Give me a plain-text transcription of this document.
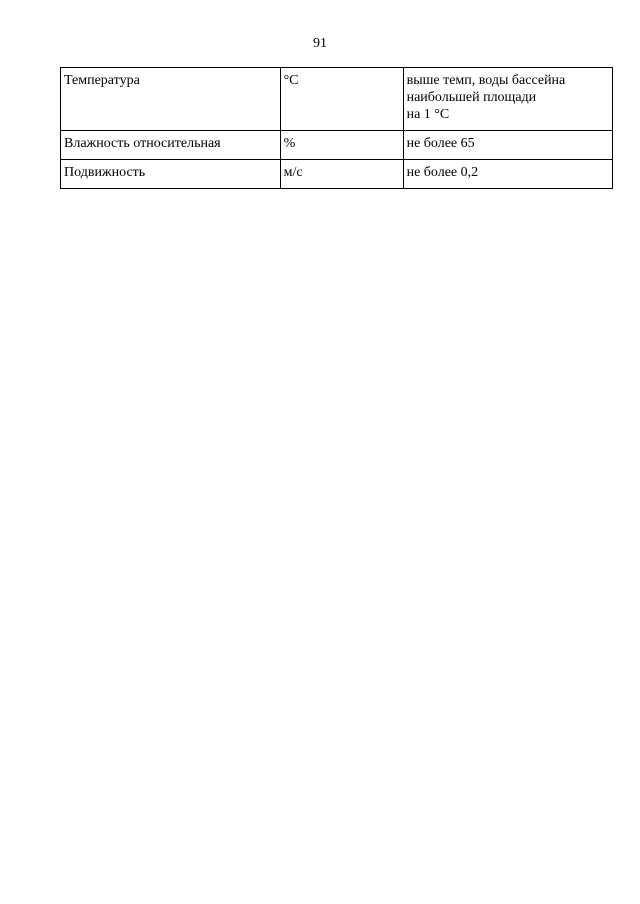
91
Температура	°С	выше темп, воды бассейна
наибольшей площади
на 1 °С

Влажность относительная	%	не более 65

Подвижность	м/с	не более 0,2
